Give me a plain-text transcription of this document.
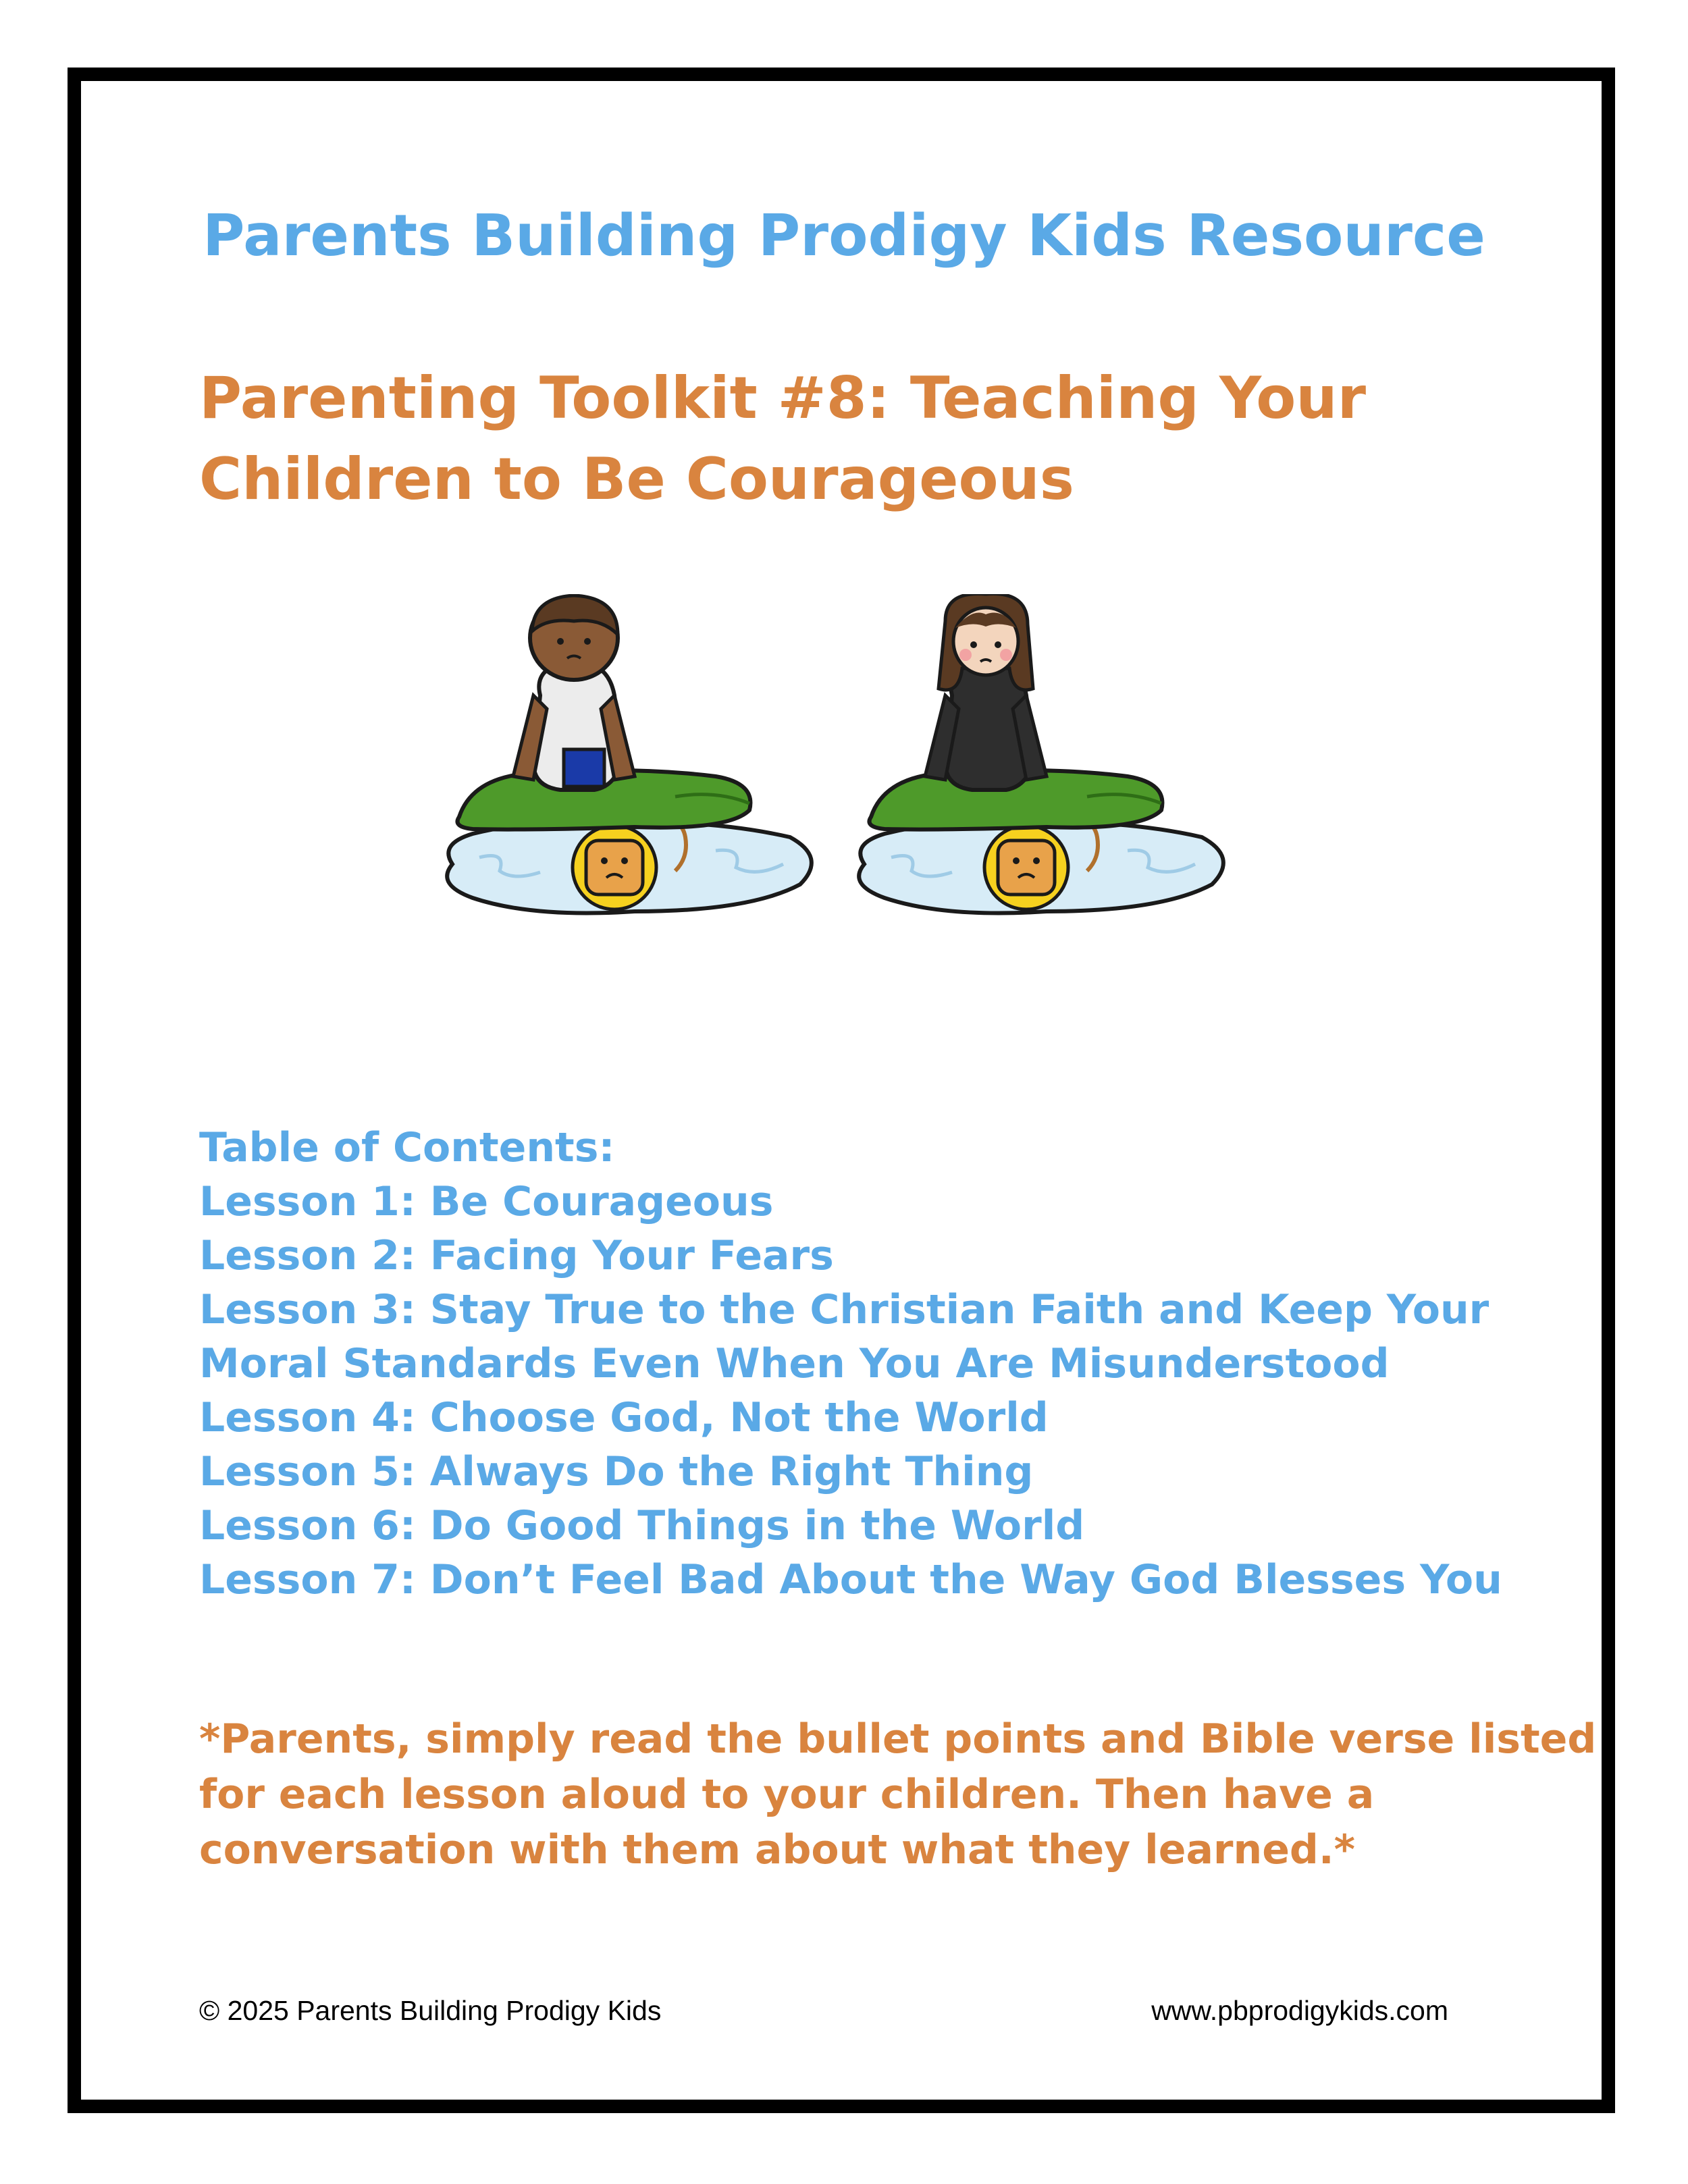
Parents Building Prodigy Kids Resource
Parenting Toolkit #8: Teaching Your
Children to Be Courageous
Table of Contents:
Lesson 1: Be Courageous
Lesson 2: Facing Your Fears
Lesson 3: Stay True to the Christian Faith and Keep Your
Moral Standards Even When You Are Misunderstood
Lesson 4: Choose God, Not the World
Lesson 5: Always Do the Right Thing
Lesson 6: Do Good Things in the World
Lesson 7: Don’t Feel Bad About the Way God Blesses You
*Parents, simply read the bullet points and Bible verse listed
for each lesson aloud to your children. Then have a
conversation with them about what they learned.*
© 2025 Parents Building Prodigy Kids	www.pbprodigykids.com
